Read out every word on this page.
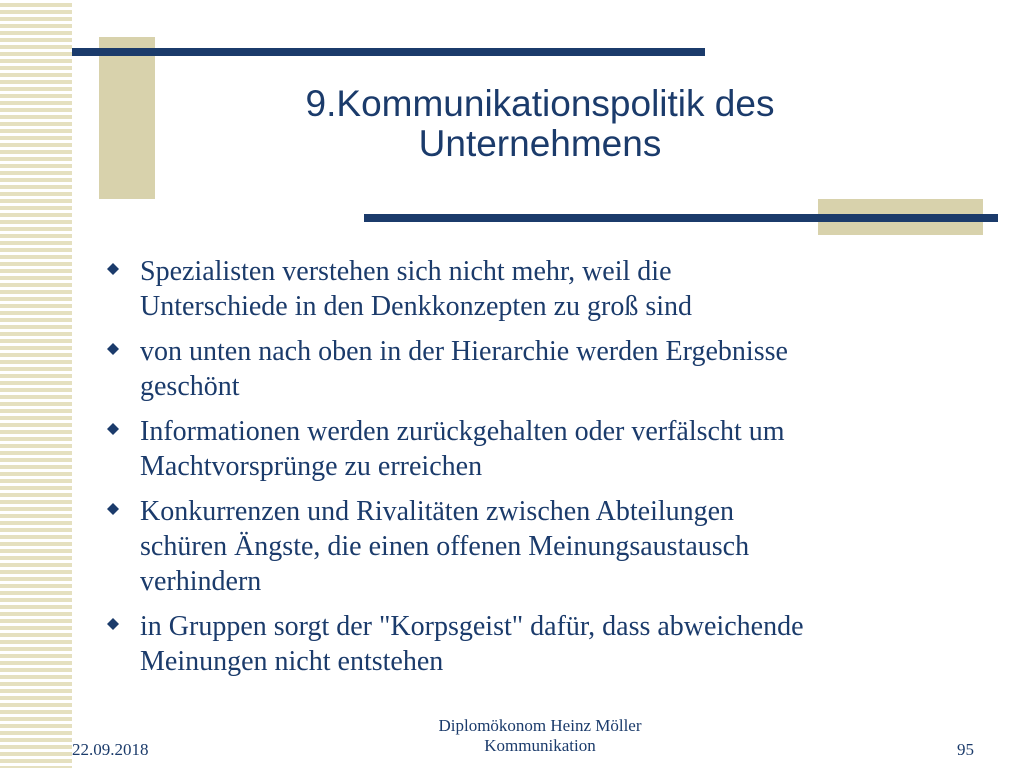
9.Kommunikationspolitik des
Unternehmens
Spezialisten verstehen sich nicht mehr, weil die
Unterschiede in den Denkkonzepten zu groß sind
von unten nach oben in der Hierarchie werden Ergebnisse
geschönt
Informationen werden zurückgehalten oder verfälscht um
Machtvorsprünge zu erreichen
Konkurrenzen und Rivalitäten zwischen Abteilungen
schüren Ängste, die einen offenen Meinungsaustausch
verhindern
in Gruppen sorgt der "Korpsgeist" dafür, dass abweichende
Meinungen nicht entstehen
22.09.2018
Diplomökonom Heinz Möller
Kommunikation	95
